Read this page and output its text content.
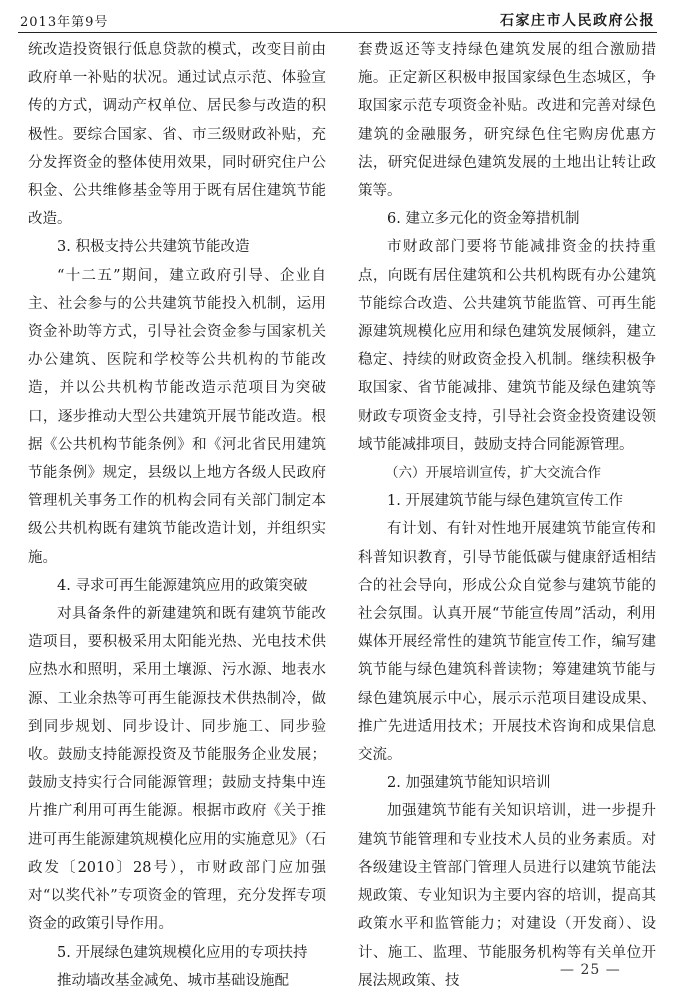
2013年第9号	石家庄市人民政府公报

统改造投资银行低息贷款的模式，改变目前由政府单一补贴的状况。通过试点示范、体验宣传的方式，调动产权单位、居民参与改造的积极性。要综合国家、省、市三级财政补贴，充分发挥资金的整体使用效果，同时研究住户公积金、公共维修基金等用于既有居住建筑节能改造。

3. 积极支持公共建筑节能改造

“十二五”期间，建立政府引导、企业自主、社会参与的公共建筑节能投入机制，运用资金补助等方式，引导社会资金参与国家机关办公建筑、医院和学校等公共机构的节能改造，并以公共机构节能改造示范项目为突破口，逐步推动大型公共建筑开展节能改造。根据《公共机构节能条例》和《河北省民用建筑节能条例》规定，县级以上地方各级人民政府管理机关事务工作的机构会同有关部门制定本级公共机构既有建筑节能改造计划，并组织实施。

4. 寻求可再生能源建筑应用的政策突破

对具备条件的新建建筑和既有建筑节能改造项目，要积极采用太阳能光热、光电技术供应热水和照明，采用土壤源、污水源、地表水源、工业余热等可再生能源技术供热制冷，做到同步规划、同步设计、同步施工、同步验收。鼓励支持能源投资及节能服务企业发展；鼓励支持实行合同能源管理；鼓励支持集中连片推广利用可再生能源。根据市政府《关于推进可再生能源建筑规模化应用的实施意见》（石政发〔2010〕28号），市财政部门应加强对“以奖代补”专项资金的管理，充分发挥专项资金的政策引导作用。

5. 开展绿色建筑规模化应用的专项扶持

推动墙改基金减免、城市基础设施配

套费返还等支持绿色建筑发展的组合激励措施。正定新区积极申报国家绿色生态城区，争取国家示范专项资金补贴。改进和完善对绿色建筑的金融服务，研究绿色住宅购房优惠方法，研究促进绿色建筑发展的土地出让转让政策等。

6. 建立多元化的资金筹措机制

市财政部门要将节能减排资金的扶持重点，向既有居住建筑和公共机构既有办公建筑节能综合改造、公共建筑节能监管、可再生能源建筑规模化应用和绿色建筑发展倾斜，建立稳定、持续的财政资金投入机制。继续积极争取国家、省节能减排、建筑节能及绿色建筑等财政专项资金支持，引导社会资金投资建设领域节能减排项目，鼓励支持合同能源管理。

（六）开展培训宣传，扩大交流合作

1. 开展建筑节能与绿色建筑宣传工作

有计划、有针对性地开展建筑节能宣传和科普知识教育，引导节能低碳与健康舒适相结合的社会导向，形成公众自觉参与建筑节能的社会氛围。认真开展“节能宣传周”活动，利用媒体开展经常性的建筑节能宣传工作，编写建筑节能与绿色建筑科普读物；筹建建筑节能与绿色建筑展示中心，展示示范项目建设成果、推广先进适用技术；开展技术咨询和成果信息交流。

2. 加强建筑节能知识培训

加强建筑节能有关知识培训，进一步提升建筑节能管理和专业技术人员的业务素质。对各级建设主管部门管理人员进行以建筑节能法规政策、专业知识为主要内容的培训，提高其政策水平和监管能力；对建设（开发商）、设计、施工、监理、节能服务机构等有关单位开展法规政策、技

— 25 —
